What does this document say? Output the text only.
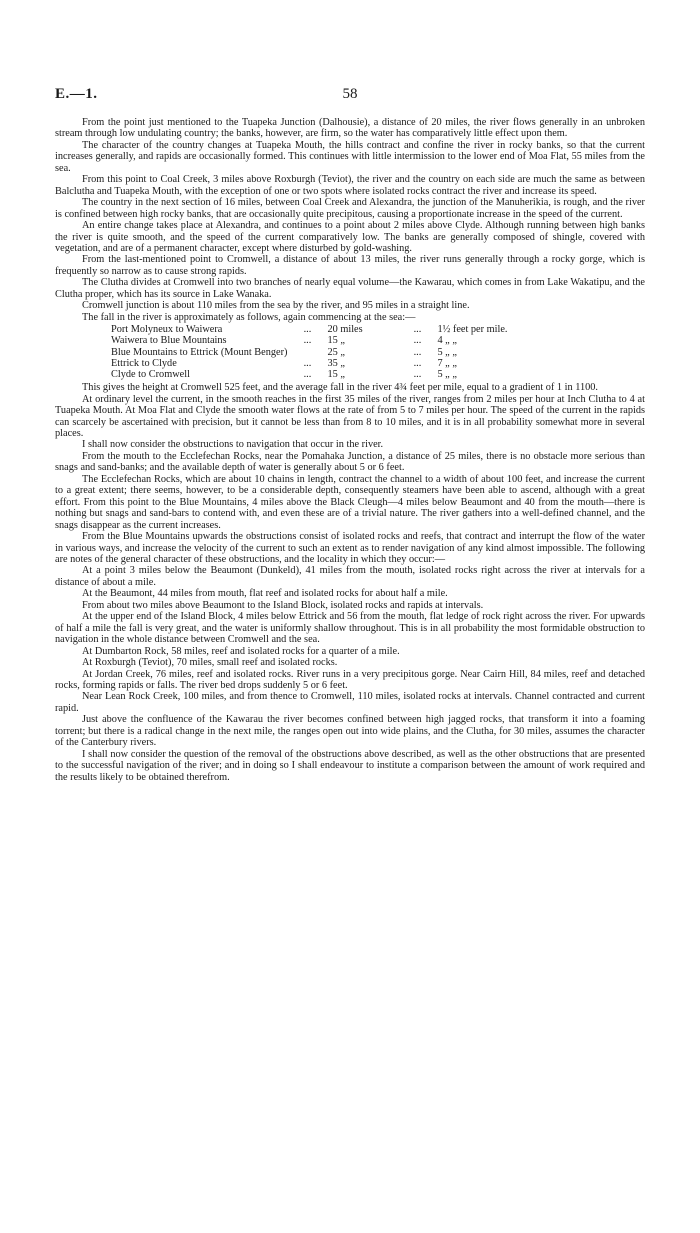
E.—1.	58

From the point just mentioned to the Tuapeka Junction (Dalhousie), a distance of 20 miles, the river flows generally in an unbroken stream through low undulating country; the banks, however, are firm, so the water has comparatively little effect upon them.

The character of the country changes at Tuapeka Mouth, the hills contract and confine the river in rocky banks, so that the current increases generally, and rapids are occasionally formed. This continues with little intermission to the lower end of Moa Flat, 55 miles from the sea.

From this point to Coal Creek, 3 miles above Roxburgh (Teviot), the river and the country on each side are much the same as between Balclutha and Tuapeka Mouth, with the exception of one or two spots where isolated rocks contract the river and increase its speed.

The country in the next section of 16 miles, between Coal Creek and Alexandra, the junction of the Manuherikia, is rough, and the river is confined between high rocky banks, that are occasionally quite precipitous, causing a proportionate increase in the speed of the current.

An entire change takes place at Alexandra, and continues to a point about 2 miles above Clyde. Although running between high banks the river is quite smooth, and the speed of the current comparatively low. The banks are generally composed of shingle, covered with vegetation, and are of a permanent character, except where disturbed by gold-washing.

From the last-mentioned point to Cromwell, a distance of about 13 miles, the river runs generally through a rocky gorge, which is frequently so narrow as to cause strong rapids.

The Clutha divides at Cromwell into two branches of nearly equal volume—the Kawarau, which comes in from Lake Wakatipu, and the Clutha proper, which has its source in Lake Wanaka.

Cromwell junction is about 110 miles from the sea by the river, and 95 miles in a straight line.

The fall in the river is approximately as follows, again commencing at the sea:—

Port Molyneux to Waiwera	...	20 miles	...	1½ feet per mile.
Waiwera to Blue Mountains	...	15 „	...	4 „ „
Blue Mountains to Ettrick (Mount Benger)		25 „	...	5 „ „
Ettrick to Clyde	...	35 „	...	7 „ „
Clyde to Cromwell	...	15 „	...	5 „ „

This gives the height at Cromwell 525 feet, and the average fall in the river 4¾ feet per mile, equal to a gradient of 1 in 1100.

At ordinary level the current, in the smooth reaches in the first 35 miles of the river, ranges from 2 miles per hour at Inch Clutha to 4 at Tuapeka Mouth. At Moa Flat and Clyde the smooth water flows at the rate of from 5 to 7 miles per hour. The speed of the current in the rapids can scarcely be ascertained with precision, but it cannot be less than from 8 to 10 miles, and it is in all probability somewhat more in several places.

I shall now consider the obstructions to navigation that occur in the river.

From the mouth to the Ecclefechan Rocks, near the Pomahaka Junction, a distance of 25 miles, there is no obstacle more serious than snags and sand-banks; and the available depth of water is generally about 5 or 6 feet.

The Ecclefechan Rocks, which are about 10 chains in length, contract the channel to a width of about 100 feet, and increase the current to a great extent; there seems, however, to be a considerable depth, consequently steamers have been able to ascend, although with a great effort. From this point to the Blue Mountains, 4 miles above the Black Cleugh—4 miles below Beaumont and 40 from the mouth—there is nothing but snags and sand-bars to contend with, and even these are of a trivial nature. The river gathers into a well-defined channel, and the snags disappear as the current increases.

From the Blue Mountains upwards the obstructions consist of isolated rocks and reefs, that contract and interrupt the flow of the water in various ways, and increase the velocity of the current to such an extent as to render navigation of any kind almost impossible. The following are notes of the general character of these obstructions, and the locality in which they occur:—

At a point 3 miles below the Beaumont (Dunkeld), 41 miles from the mouth, isolated rocks right across the river at intervals for a distance of about a mile.

At the Beaumont, 44 miles from mouth, flat reef and isolated rocks for about half a mile.

From about two miles above Beaumont to the Island Block, isolated rocks and rapids at intervals.

At the upper end of the Island Block, 4 miles below Ettrick and 56 from the mouth, flat ledge of rock right across the river. For upwards of half a mile the fall is very great, and the water is uniformly shallow throughout. This is in all probability the most formidable obstruction to navigation in the whole distance between Cromwell and the sea.

At Dumbarton Rock, 58 miles, reef and isolated rocks for a quarter of a mile.

At Roxburgh (Teviot), 70 miles, small reef and isolated rocks.

At Jordan Creek, 76 miles, reef and isolated rocks. River runs in a very precipitous gorge. Near Cairn Hill, 84 miles, reef and detached rocks, forming rapids or falls. The river bed drops suddenly 5 or 6 feet.

Near Lean Rock Creek, 100 miles, and from thence to Cromwell, 110 miles, isolated rocks at intervals. Channel contracted and current rapid.

Just above the confluence of the Kawarau the river becomes confined between high jagged rocks, that transform it into a foaming torrent; but there is a radical change in the next mile, the ranges open out into wide plains, and the Clutha, for 30 miles, assumes the character of the Canterbury rivers.

I shall now consider the question of the removal of the obstructions above described, as well as the other obstructions that are presented to the successful navigation of the river; and in doing so I shall endeavour to institute a comparison between the amount of work required and the results likely to be obtained therefrom.
